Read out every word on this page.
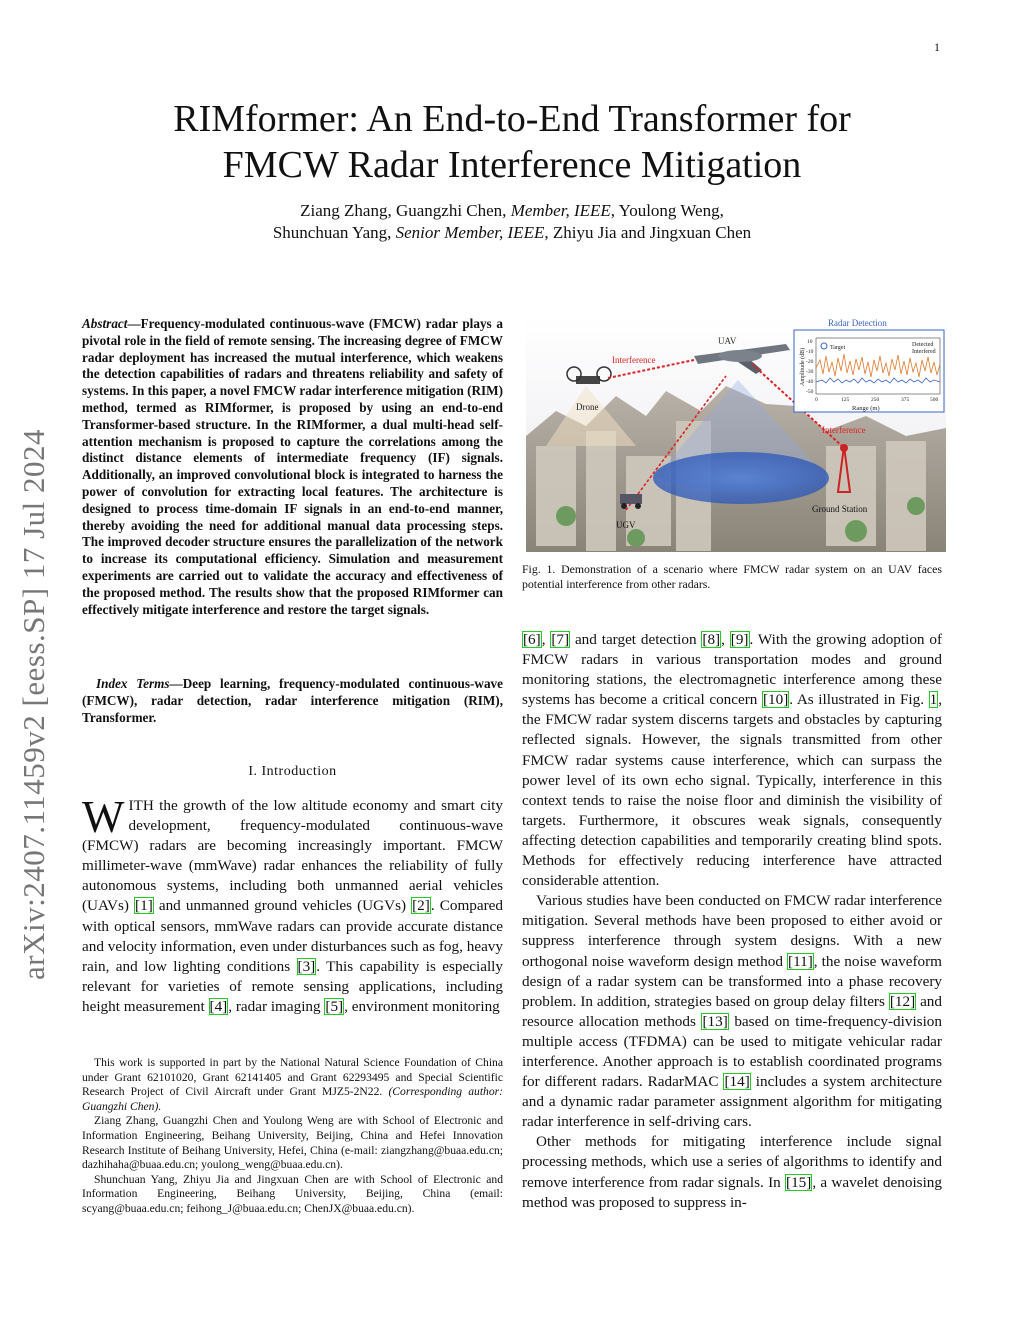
1
RIMformer: An End-to-End Transformer for
FMCW Radar Interference Mitigation
Ziang Zhang, Guangzhi Chen, Member, IEEE, Youlong Weng,
Shunchuan Yang, Senior Member, IEEE, Zhiyu Jia and Jingxuan Chen
arXiv:2407.11459v2 [eess.SP] 17 Jul 2024
Abstract—Frequency-modulated continuous-wave (FMCW) radar plays a pivotal role in the field of remote sensing. The increasing degree of FMCW radar deployment has increased the mutual interference, which weakens the detection capabilities of radars and threatens reliability and safety of systems. In this paper, a novel FMCW radar interference mitigation (RIM) method, termed as RIMformer, is proposed by using an end-to-end Transformer-based structure. In the RIMformer, a dual multi-head self-attention mechanism is proposed to capture the correlations among the distinct distance elements of intermediate frequency (IF) signals. Additionally, an improved convolutional block is integrated to harness the power of convolution for extracting local features. The architecture is designed to process time-domain IF signals in an end-to-end manner, thereby avoiding the need for additional manual data processing steps. The improved decoder structure ensures the parallelization of the network to increase its computational efficiency. Simulation and measurement experiments are carried out to validate the accuracy and effectiveness of the proposed method. The results show that the proposed RIMformer can effectively mitigate interference and restore the target signals.
Index Terms—Deep learning, frequency-modulated continuous-wave (FMCW), radar detection, radar interference mitigation (RIM), Transformer.
I. Introduction
WITH the growth of the low altitude economy and smart city development, frequency-modulated continuous-wave (FMCW) radars are becoming increasingly important. FMCW millimeter-wave (mmWave) radar enhances the reliability of fully autonomous systems, including both unmanned aerial vehicles (UAVs) [1] and unmanned ground vehicles (UGVs) [2]. Compared with optical sensors, mmWave radars can provide accurate distance and velocity information, even under disturbances such as fog, heavy rain, and low lighting conditions [3]. This capability is especially relevant for varieties of remote sensing applications, including height measurement [4], radar imaging [5], environment monitoring

This work is supported in part by the National Natural Science Foundation of China under Grant 62101020, Grant 62141405 and Grant 62293495 and Special Scientific Research Project of Civil Aircraft under Grant MJZ5-2N22. (Corresponding author: Guangzhi Chen).

Ziang Zhang, Guangzhi Chen and Youlong Weng are with School of Electronic and Information Engineering, Beihang University, Beijing, China and Hefei Innovation Research Institute of Beihang University, Hefei, China (e-mail: ziangzhang@buaa.edu.cn; dazhihaha@buaa.edu.cn; youlong_weng@buaa.edu.cn).

Shunchuan Yang, Zhiyu Jia and Jingxuan Chen are with School of Electronic and Information Engineering, Beihang University, Beijing, China (email: scyang@buaa.edu.cn; feihong_J@buaa.edu.cn; ChenJX@buaa.edu.cn).

UAV
Drone
Interference
Interference
Ground Station
UGV
Radar Detection
Target	Detected
Interfered
Range (m)
Amplitude (dB)
0	125	250	375	500
10
-10
-20
-30
-40
-50
Fig. 1. Demonstration of a scenario where FMCW radar system on an UAV faces potential interference from other radars.

[6], [7] and target detection [8], [9]. With the growing adoption of FMCW radars in various transportation modes and ground monitoring stations, the electromagnetic interference among these systems has become a critical concern [10]. As illustrated in Fig. 1, the FMCW radar system discerns targets and obstacles by capturing reflected signals. However, the signals transmitted from other FMCW radar systems cause interference, which can surpass the power level of its own echo signal. Typically, interference in this context tends to raise the noise floor and diminish the visibility of targets. Furthermore, it obscures weak signals, consequently affecting detection capabilities and temporarily creating blind spots. Methods for effectively reducing interference have attracted considerable attention.

Various studies have been conducted on FMCW radar interference mitigation. Several methods have been proposed to either avoid or suppress interference through system designs. With a new orthogonal noise waveform design method [11], the noise waveform design of a radar system can be transformed into a phase recovery problem. In addition, strategies based on group delay filters [12] and resource allocation methods [13] based on time-frequency-division multiple access (TFDMA) can be used to mitigate vehicular radar interference. Another approach is to establish coordinated programs for different radars. RadarMAC [14] includes a system architecture and a dynamic radar parameter assignment algorithm for mitigating radar interference in self-driving cars.

Other methods for mitigating interference include signal processing methods, which use a series of algorithms to identify and remove interference from radar signals. In [15], a wavelet denoising method was proposed to suppress in-
